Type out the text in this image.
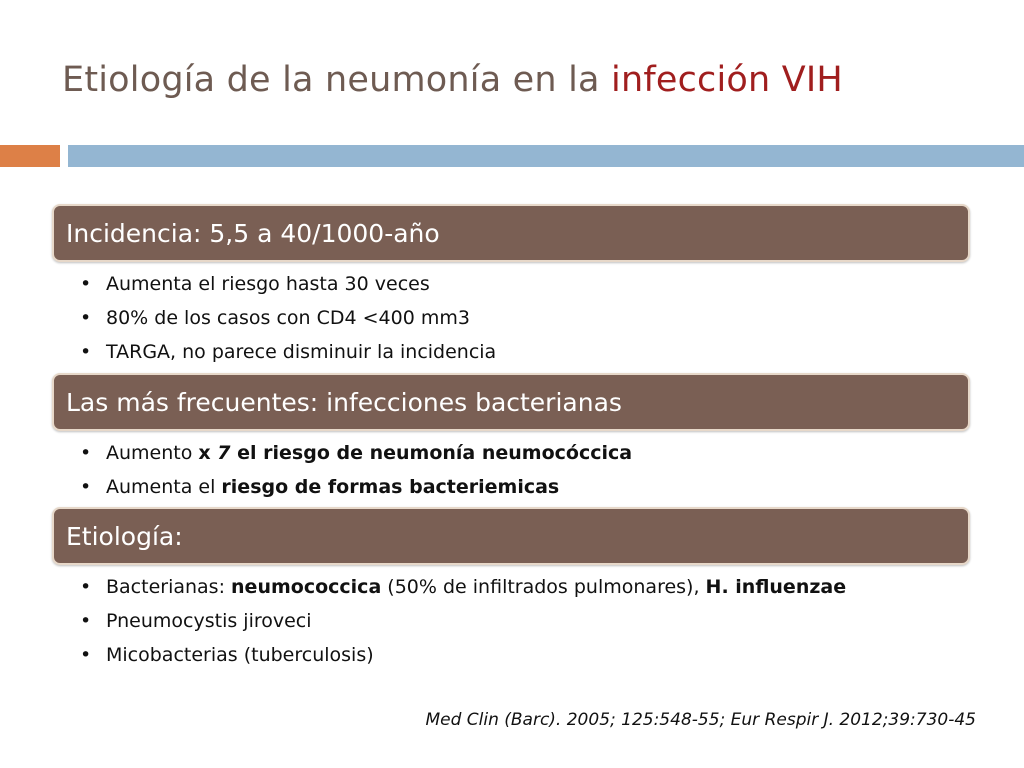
Etiología de la neumonía en la infección VIH
Incidencia: 5,5 a 40/1000-año
• Aumenta el riesgo hasta 30 veces
• 80% de los casos con CD4 <400 mm3
• TARGA, no parece disminuir la incidencia
Las más frecuentes: infecciones bacterianas
• Aumento x 7 el riesgo de neumonía neumocóccica
• Aumenta el riesgo de formas bacteriemicas
Etiología:
• Bacterianas: neumococcica (50% de infiltrados pulmonares), H. influenzae
• Pneumocystis jiroveci
• Micobacterias (tuberculosis)
Med Clin (Barc). 2005; 125:548-55; Eur Respir J. 2012;39:730-45
